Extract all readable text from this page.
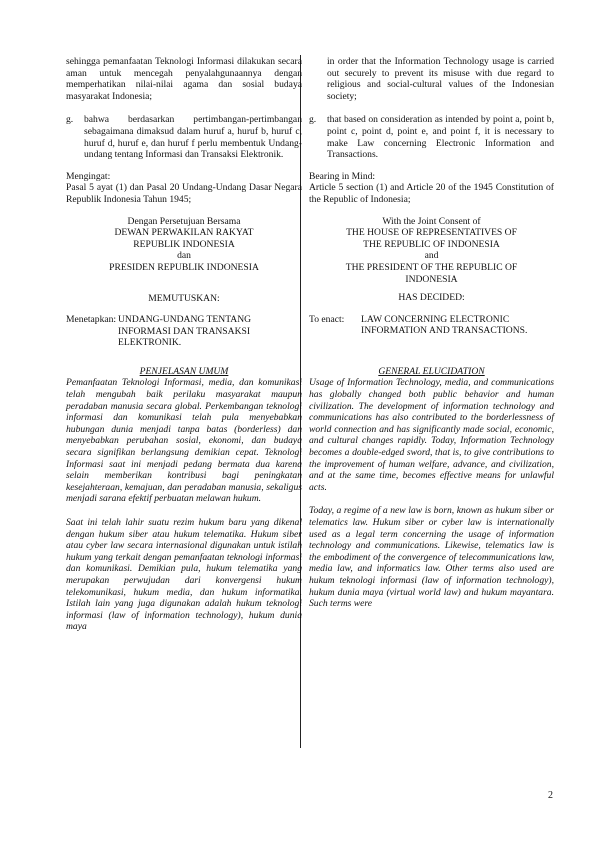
sehingga pemanfaatan Teknologi Informasi dilakukan secara aman untuk mencegah penyalahgunaannya dengan memperhatikan nilai-nilai agama dan sosial budaya masyarakat Indonesia;

g.	bahwa berdasarkan pertimbangan-pertimbangan sebagaimana dimaksud dalam huruf a, huruf b, huruf c, huruf d, huruf e, dan huruf f perlu membentuk Undang-undang tentang Informasi dan Transaksi Elektronik.

Mengingat:

Pasal 5 ayat (1) dan Pasal 20 Undang-Undang Dasar Negara Republik Indonesia Tahun 1945;

Dengan Persetujuan Bersama

DEWAN PERWAKILAN RAKYAT

REPUBLIK INDONESIA

dan

PRESIDEN REPUBLIK INDONESIA

MEMUTUSKAN:

Menetapkan: UNDANG-UNDANG TENTANG INFORMASI DAN TRANSAKSI ELEKTRONIK.

PENJELASAN UMUM

Pemanfaatan Teknologi Informasi, media, dan komunikasi telah mengubah baik perilaku masyarakat maupun peradaban manusia secara global. Perkembangan teknologi informasi dan komunikasi telah pula menyebabkan hubungan dunia menjadi tanpa batas (borderless) dan menyebabkan perubahan sosial, ekonomi, dan budaya secara signifikan berlangsung demikian cepat. Teknologi Informasi saat ini menjadi pedang bermata dua karena selain memberikan kontribusi bagi peningkatan kesejahteraan, kemajuan, dan peradaban manusia, sekaligus menjadi sarana efektif perbuatan melawan hukum.

Saat ini telah lahir suatu rezim hukum baru yang dikenal dengan hukum siber atau hukum telematika. Hukum siber atau cyber law secara internasional digunakan untuk istilah hukum yang terkait dengan pemanfaatan teknologi informasi dan komunikasi. Demikian pula, hukum telematika yang merupakan perwujudan dari konvergensi hukum telekomunikasi, hukum media, dan hukum informatika. Istilah lain yang juga digunakan adalah hukum teknologi informasi (law of information technology), hukum dunia maya

in order that the Information Technology usage is carried out securely to prevent its misuse with due regard to religious and social-cultural values of the Indonesian society;

g.	that based on consideration as intended by point a, point b, point c, point d, point e, and point f, it is necessary to make Law concerning Electronic Information and Transactions.

Bearing in Mind:

Article 5 section (1) and Article 20 of the 1945 Constitution of the Republic of Indonesia;

With the Joint Consent of

THE HOUSE OF REPRESENTATIVES OF

THE REPUBLIC OF INDONESIA

and

THE PRESIDENT OF THE REPUBLIC OF INDONESIA

HAS DECIDED:

To enact:	LAW CONCERNING ELECTRONIC INFORMATION AND TRANSACTIONS.

GENERAL ELUCIDATION

Usage of Information Technology, media, and communications has globally changed both public behavior and human civilization. The development of information technology and communications has also contributed to the borderlessness of world connection and has significantly made social, economic, and cultural changes rapidly. Today, Information Technology becomes a double-edged sword, that is, to give contributions to the improvement of human welfare, advance, and civilization, and at the same time, becomes effective means for unlawful acts.

Today, a regime of a new law is born, known as hukum siber or telematics law. Hukum siber or cyber law is internationally used as a legal term concerning the usage of information technology and communications. Likewise, telematics law is the embodiment of the convergence of telecommunications law, media law, and informatics law. Other terms also used are hukum teknologi informasi (law of information technology), hukum dunia maya (virtual world law) and hukum mayantara. Such terms were

2
